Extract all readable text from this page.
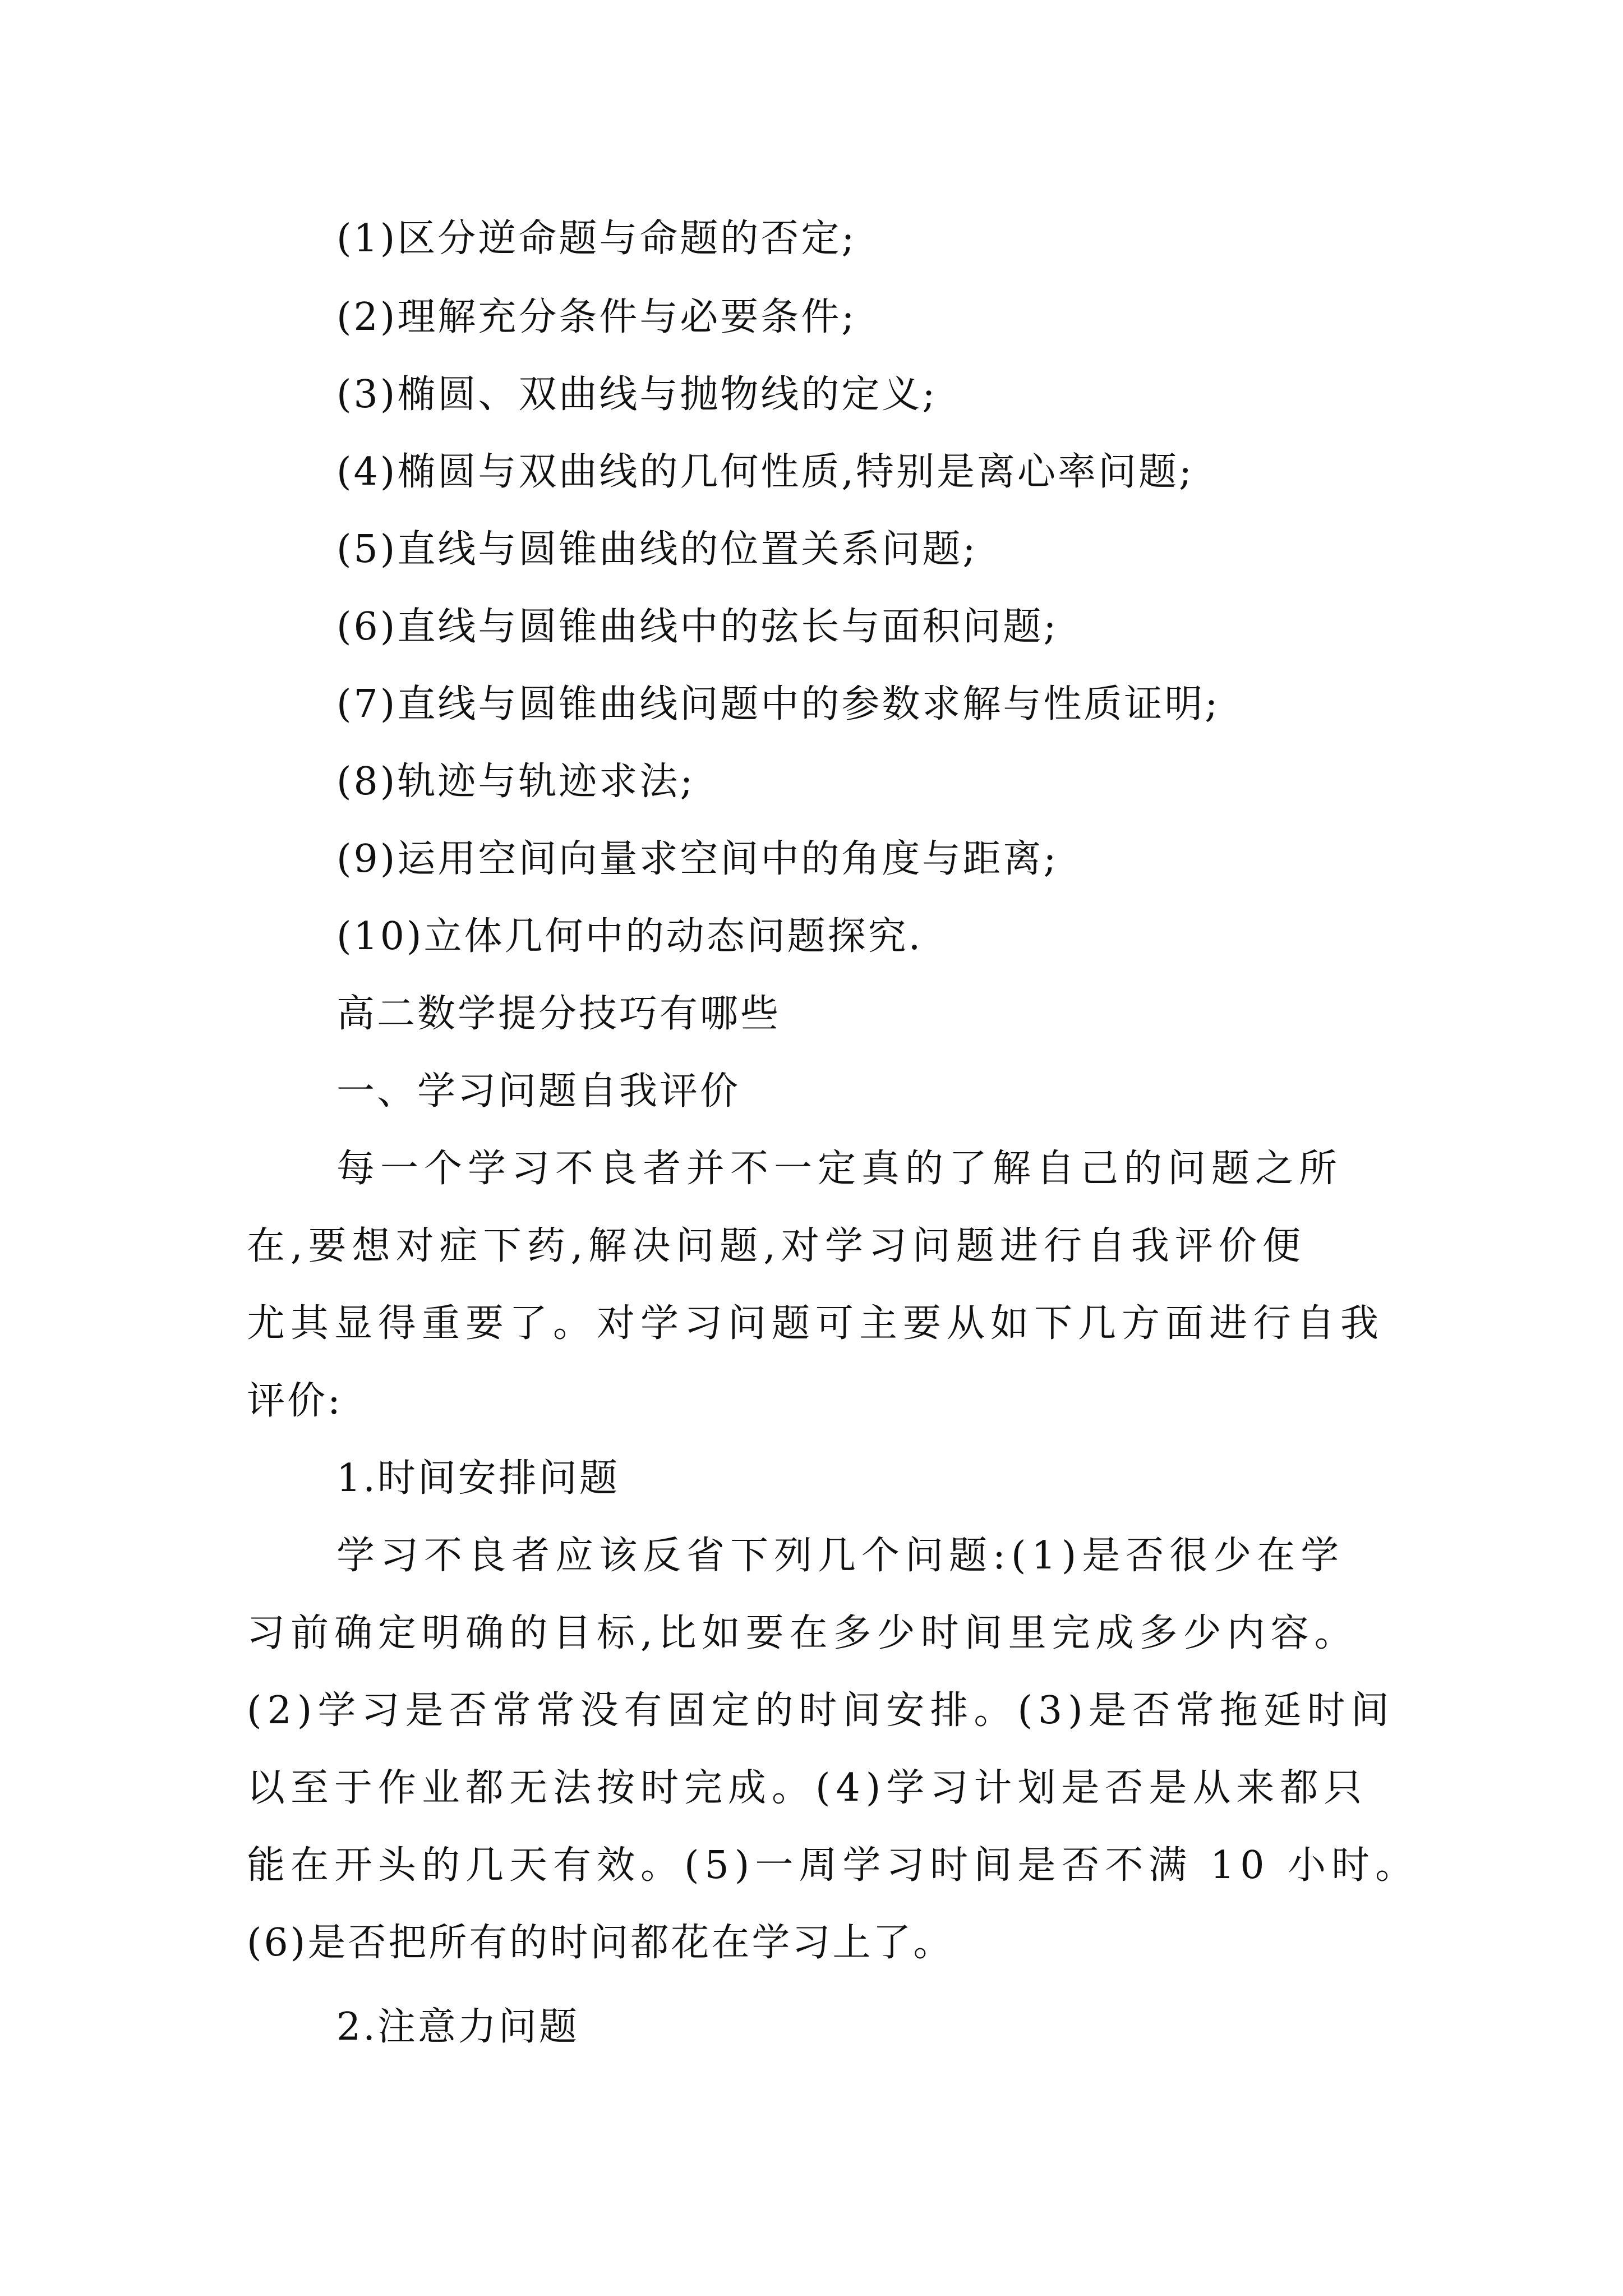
(1)区分逆命题与命题的否定;
(2)理解充分条件与必要条件;
(3)椭圆、双曲线与抛物线的定义;
(4)椭圆与双曲线的几何性质,特别是离心率问题;
(5)直线与圆锥曲线的位置关系问题;
(6)直线与圆锥曲线中的弦长与面积问题;
(7)直线与圆锥曲线问题中的参数求解与性质证明;
(8)轨迹与轨迹求法;
(9)运用空间向量求空间中的角度与距离;
(10)立体几何中的动态问题探究.
高二数学提分技巧有哪些
一、学习问题自我评价
每一个学习不良者并不一定真的了解自己的问题之所
在,要想对症下药,解决问题,对学习问题进行自我评价便
尤其显得重要了。对学习问题可主要从如下几方面进行自我
评价:
1.时间安排问题
学习不良者应该反省下列几个问题:(1)是否很少在学
习前确定明确的目标,比如要在多少时间里完成多少内容。
(2)学习是否常常没有固定的时间安排。(3)是否常拖延时间
以至于作业都无法按时完成。(4)学习计划是否是从来都只
能在开头的几天有效。(5)一周学习时间是否不满 10 小时。
(6)是否把所有的时问都花在学习上了。
2.注意力问题
